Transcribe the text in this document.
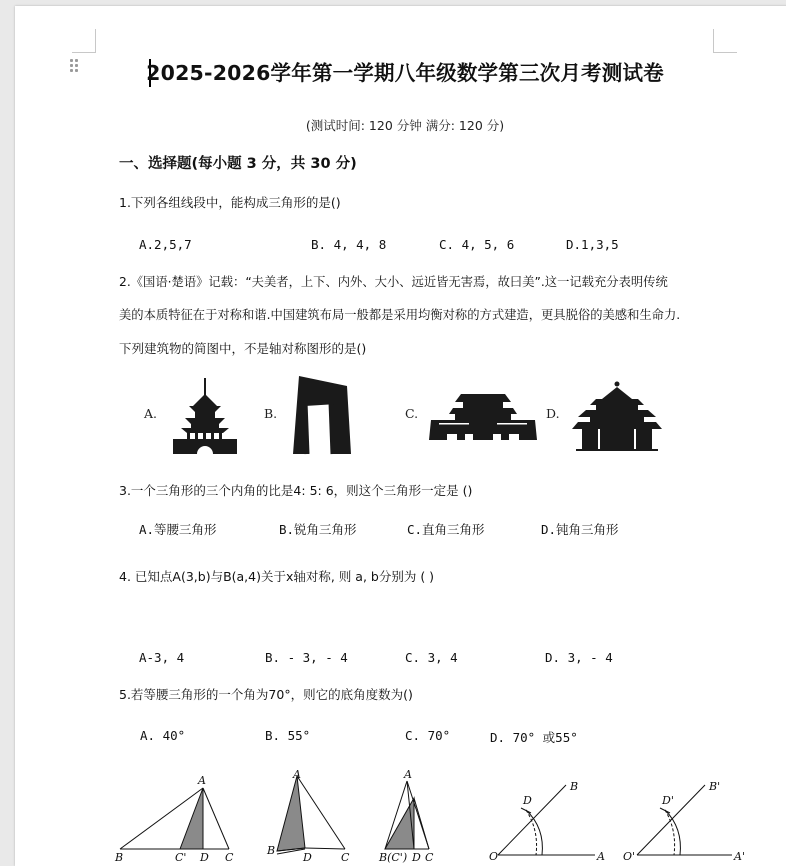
2025-2026学年第一学期八年级数学第三次月考测试卷
(测试时间: 120 分钟 满分: 120 分)
一、选择题(每小题 3 分，共 30 分)
1.下列各组线段中，能构成三角形的是()
A.2,5,7	B. 4, 4, 8	C. 4, 5, 6	D.1,3,5
2.《国语·楚语》记载：“夫美者，上下、内外、大小、远近皆无害焉，故曰美”.这一记载充分表明传统
美的本质特征在于对称和谐.中国建筑布局一般都是采用均衡对称的方式建造，更具脱俗的美感和生命力.
下列建筑物的简图中，不是轴对称图形的是()
A.	B.	C.	D.
3.一个三角形的三个内角的比是4: 5: 6，则这个三角形一定是 ()
A.等腰三角形	B.锐角三角形	C.直角三角形	D.钝角三角形
4. 已知点A(3,b)与B(a,4)关于x轴对称, 则 a, b分别为 ( )
A-3, 4	B. - 3, - 4	C. 3, 4	D. 3, - 4
5.若等腰三角形的一个角为70°，则它的底角度数为()
A. 40°	B. 55°	C. 70°	D. 70° 或55°
A
B	C' D C
A
B
D	C
A
B(C') D C
B
D
O	A
B'
D'
O'	A'
